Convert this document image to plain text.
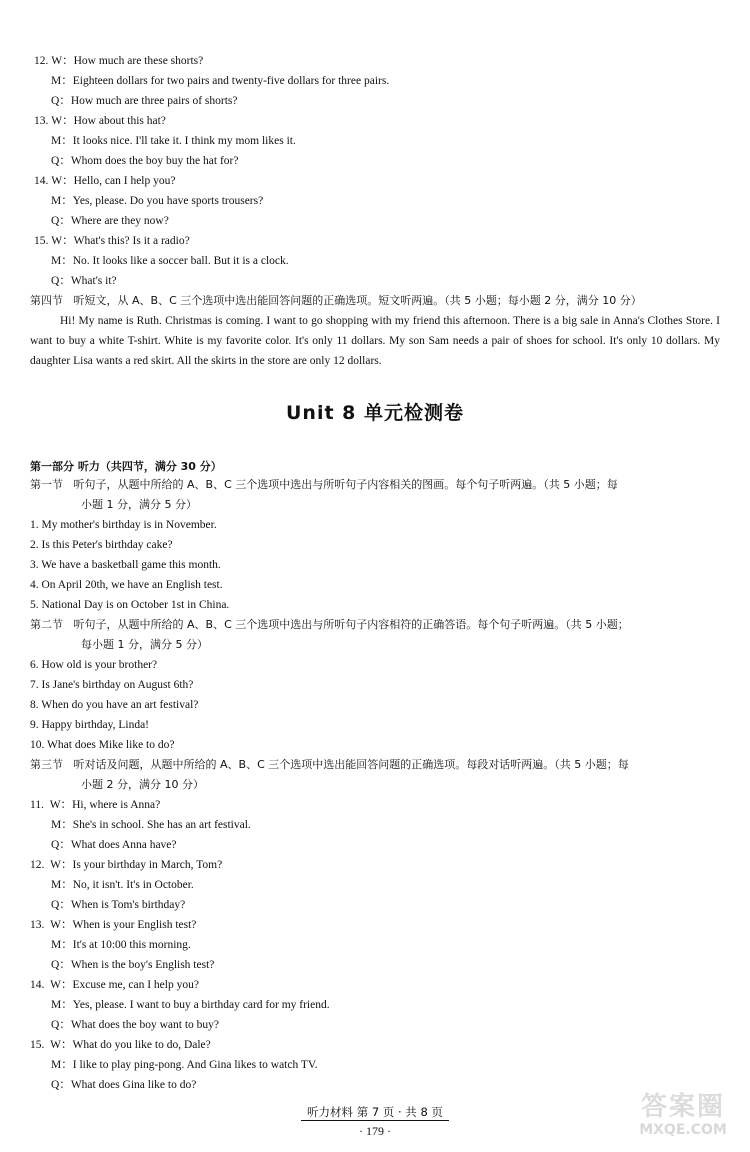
12. W：How much are these shorts?
M：Eighteen dollars for two pairs and twenty-five dollars for three pairs.
Q：How much are three pairs of shorts?
13. W：How about this hat?
M：It looks nice. I'll take it. I think my mom likes it.
Q：Whom does the boy buy the hat for?
14. W：Hello, can I help you?
M：Yes, please. Do you have sports trousers?
Q：Where are they now?
15. W：What's this? Is it a radio?
M：No. It looks like a soccer ball. But it is a clock.
Q：What's it?
第四节 听短文，从 A、B、C 三个选项中选出能回答问题的正确选项。短文听两遍。（共 5 小题；每小题 2 分，满分 10 分）
Hi! My name is Ruth. Christmas is coming. I want to go shopping with my friend this afternoon. There is a big sale in Anna's Clothes Store. I want to buy a white T-shirt. White is my favorite color. It's only 11 dollars. My son Sam needs a pair of shoes for school. It's only 10 dollars. My daughter Lisa wants a red skirt. All the skirts in the store are only 12 dollars.
Unit 8 单元检测卷
第一部分 听力（共四节，满分 30 分）
第一节 听句子，从题中所给的 A、B、C 三个选项中选出与所听句子内容相关的图画。每个句子听两遍。（共 5 小题；每
小题 1 分，满分 5 分）
1. My mother's birthday is in November.
2. Is this Peter's birthday cake?
3. We have a basketball game this month.
4. On April 20th, we have an English test.
5. National Day is on October 1st in China.
第二节 听句子，从题中所给的 A、B、C 三个选项中选出与所听句子内容相符的正确答语。每个句子听两遍。（共 5 小题；
每小题 1 分，满分 5 分）
6. How old is your brother?
7. Is Jane's birthday on August 6th?
8. When do you have an art festival?
9. Happy birthday, Linda!
10. What does Mike like to do?
第三节 听对话及问题，从题中所给的 A、B、C 三个选项中选出能回答问题的正确选项。每段对话听两遍。（共 5 小题；每
小题 2 分，满分 10 分）
11. W：Hi, where is Anna?
M：She's in school. She has an art festival.
Q：What does Anna have?
12. W：Is your birthday in March, Tom?
M：No, it isn't. It's in October.
Q：When is Tom's birthday?
13. W：When is your English test?
M：It's at 10:00 this morning.
Q：When is the boy's English test?
14. W：Excuse me, can I help you?
M：Yes, please. I want to buy a birthday card for my friend.
Q：What does the boy want to buy?
15. W：What do you like to do, Dale?
M：I like to play ping-pong. And Gina likes to watch TV.
Q：What does Gina like to do?
听力材料 第 7 页 · 共 8 页
· 179 ·
答案圈
MXQE.COM
